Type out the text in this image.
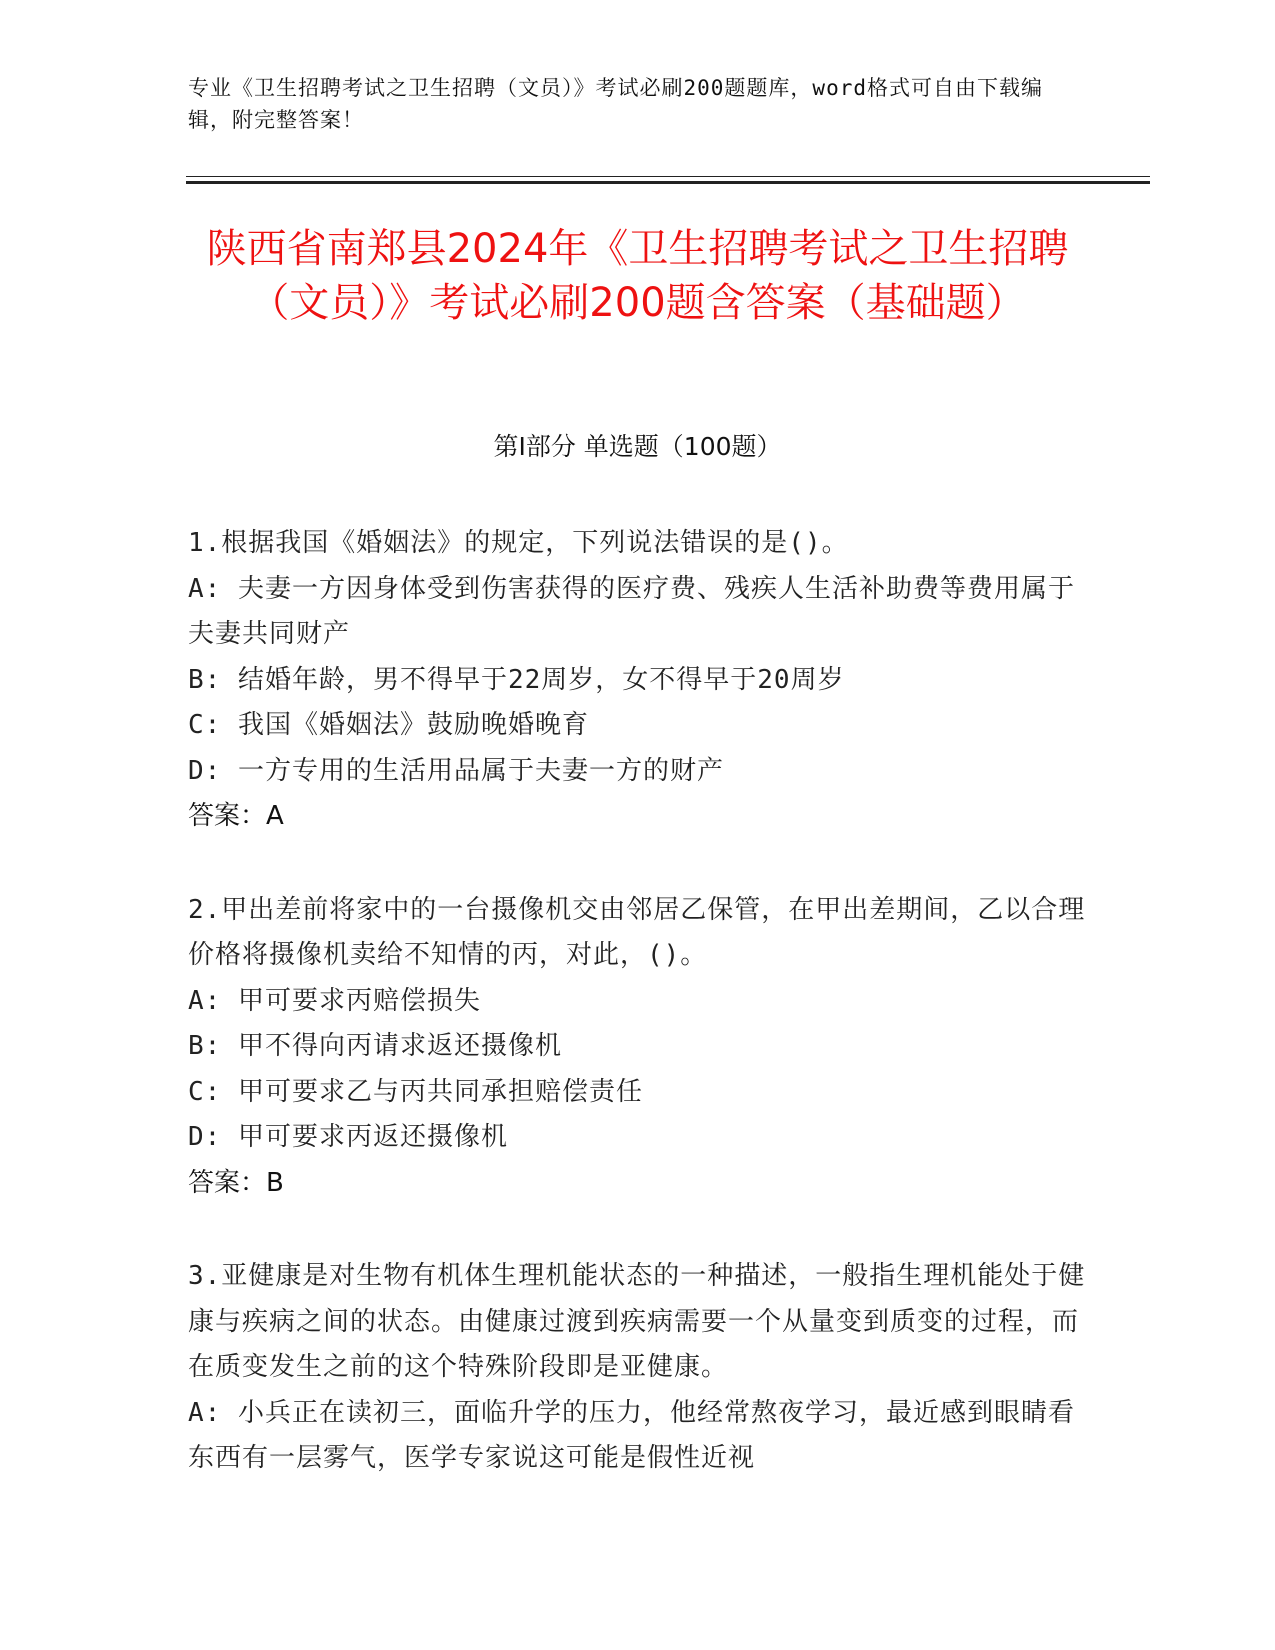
专业《卫生招聘考试之卫生招聘（文员）》考试必刷200题题库，word格式可自由下载编辑，附完整答案！
陕西省南郑县2024年《卫生招聘考试之卫生招聘（文员）》考试必刷200题含答案（基础题）
第I部分 单选题（100题）

1.根据我国《婚姻法》的规定，下列说法错误的是()。

A: 夫妻一方因身体受到伤害获得的医疗费、残疾人生活补助费等费用属于夫妻共同财产

B: 结婚年龄，男不得早于22周岁，女不得早于20周岁

C: 我国《婚姻法》鼓励晚婚晚育

D: 一方专用的生活用品属于夫妻一方的财产

答案：A

2.甲出差前将家中的一台摄像机交由邻居乙保管，在甲出差期间，乙以合理价格将摄像机卖给不知情的丙，对此，()。

A: 甲可要求丙赔偿损失

B: 甲不得向丙请求返还摄像机

C: 甲可要求乙与丙共同承担赔偿责任

D: 甲可要求丙返还摄像机

答案：B

3.亚健康是对生物有机体生理机能状态的一种描述，一般指生理机能处于健康与疾病之间的状态。由健康过渡到疾病需要一个从量变到质变的过程，而在质变发生之前的这个特殊阶段即是亚健康。

A: 小兵正在读初三，面临升学的压力，他经常熬夜学习，最近感到眼睛看东西有一层雾气，医学专家说这可能是假性近视
